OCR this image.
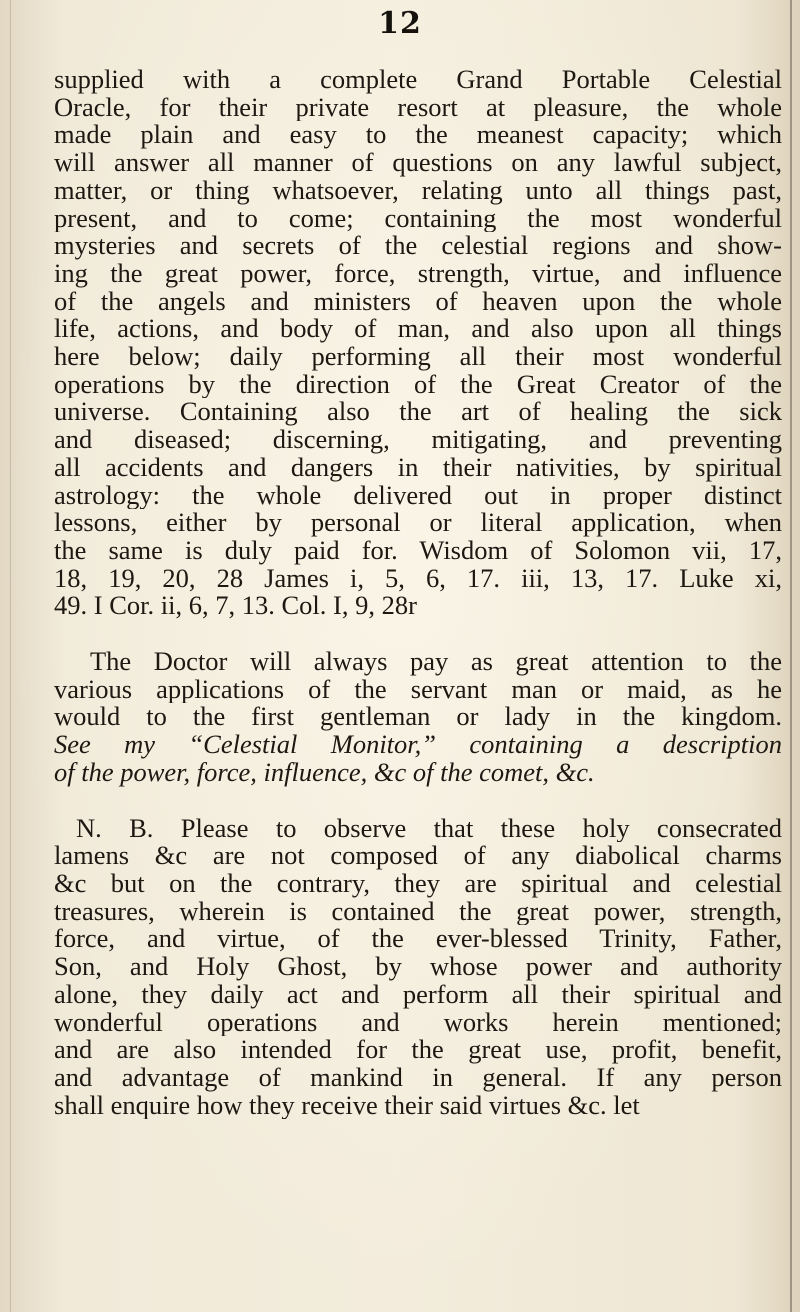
12
supplied with a complete Grand Portable Celestial
Oracle, for their private resort at pleasure, the whole
made plain and easy to the meanest capacity; which
will answer all manner of questions on any lawful subject,
matter, or thing whatsoever, relating unto all things past,
present, and to come; containing the most wonderful
mysteries and secrets of the celestial regions and show-
ing the great power, force, strength, virtue, and influence
of the angels and ministers of heaven upon the whole
life, actions, and body of man, and also upon all things
here below; daily performing all their most wonderful
operations by the direction of the Great Creator of the
universe. Containing also the art of healing the sick
and diseased; discerning, mitigating, and preventing
all accidents and dangers in their nativities, by spiritual
astrology: the whole delivered out in proper distinct
lessons, either by personal or literal application, when
the same is duly paid for. Wisdom of Solomon vii, 17,
18, 19, 20, 28 James i, 5, 6, 17. iii, 13, 17. Luke xi,
49. I Cor. ii, 6, 7, 13. Col. I, 9, 28r
The Doctor will always pay as great attention to the
various applications of the servant man or maid, as he
would to the first gentleman or lady in the kingdom.
See my “Celestial Monitor,” containing a description
of the power, force, influence, &c of the comet, &c.
N. B. Please to observe that these holy consecrated
lamens &c are not composed of any diabolical charms
&c but on the contrary, they are spiritual and celestial
treasures, wherein is contained the great power, strength,
force, and virtue, of the ever-blessed Trinity, Father,
Son, and Holy Ghost, by whose power and authority
alone, they daily act and perform all their spiritual and
wonderful operations and works herein mentioned;
and are also intended for the great use, profit, benefit,
and advantage of mankind in general. If any person
shall enquire how they receive their said virtues &c. let
